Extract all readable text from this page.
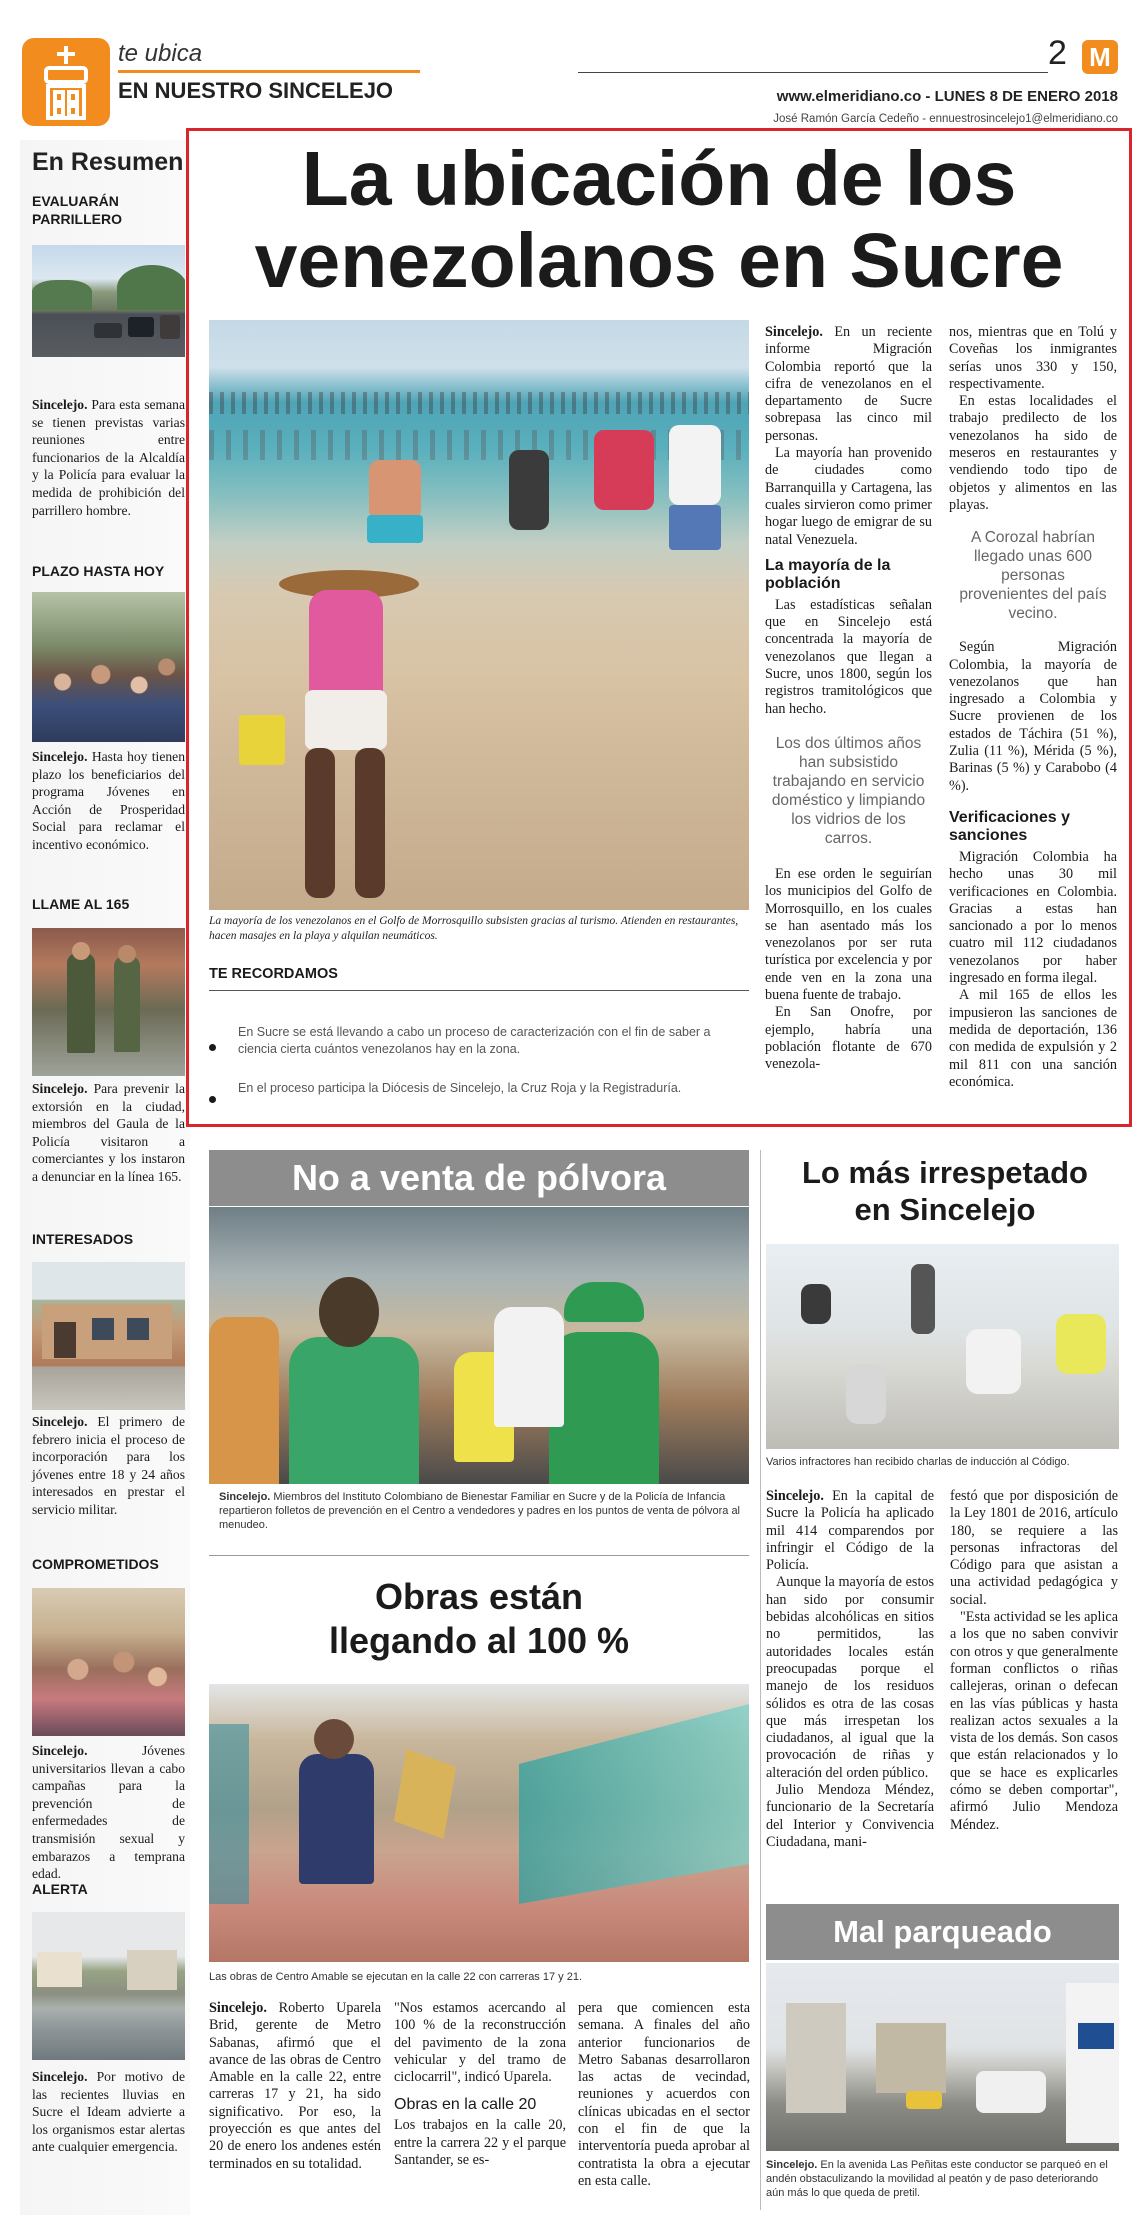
te ubica
EN NUESTRO SINCELEJO
2 M
www.elmeridiano.co - LUNES 8 DE ENERO 2018
José Ramón García Cedeño - ennuestrosincelejo1@elmeridiano.co
En Resumen
EVALUARÁN PARRILLERO
Sincelejo. Para esta semana se tienen previstas varias reuniones entre funcionarios de la Alcaldía y la Policía para evaluar la medida de prohibición del parrillero hombre.
PLAZO HASTA HOY
Sincelejo. Hasta hoy tienen plazo los beneficiarios del programa Jóvenes en Acción de Prosperidad Social para reclamar el incentivo económico.
LLAME AL 165
Sincelejo. Para prevenir la extorsión en la ciudad, miembros del Gaula de la Policía visitaron a comerciantes y los instaron a denunciar en la línea 165.
INTERESADOS
Sincelejo. El primero de febrero inicia el proceso de incorporación para los jóvenes entre 18 y 24 años interesados en prestar el servicio militar.
COMPROMETIDOS
Sincelejo.	Jóvenes universitarios llevan a cabo campañas para la prevención de enfermedades de transmisión sexual y embarazos a temprana edad.
ALERTA
Sincelejo. Por motivo de las recientes lluvias en Sucre el Ideam advierte a los organismos estar alertas ante cualquier emergencia.
La ubicación de los
venezolanos en Sucre
La mayoría de los venezolanos en el Golfo de Morrosquillo subsisten gracias al turismo. Atienden en restaurantes, hacen masajes en la playa y alquilan neumáticos.
TE RECORDAMOS
En Sucre se está llevando a cabo un proceso de caracterización con el fin de saber a ciencia cierta cuántos venezolanos hay en la zona.
En el proceso participa la Diócesis de Sincelejo, la Cruz Roja y la Registraduría.
Sincelejo. En un reciente informe Migración Colombia reportó que la cifra de venezolanos en el departamento de Sucre sobrepasa las cinco mil personas.
La mayoría han provenido de ciudades como Barranquilla y Cartagena, las cuales sirvieron como primer hogar luego de emigrar de su natal Venezuela.
La mayoría de la población
Las estadísticas señalan que en Sincelejo está concentrada la mayoría de venezolanos que llegan a Sucre, unos 1800, según los registros tramitológicos que han hecho.
Los dos últimos años han subsistido trabajando en servicio doméstico y limpiando los vidrios de los carros.
En ese orden le seguirían los municipios del Golfo de Morrosquillo, en los cuales se han asentado más los venezolanos por ser ruta turística por excelencia y por ende ven en la zona una buena fuente de trabajo.
En San Onofre, por ejemplo, habría una población flotante de 670 venezola-
nos, mientras que en Tolú y Coveñas los inmigrantes serías unos 330 y 150, respectivamente.
En estas localidades el trabajo predilecto de los venezolanos ha sido de meseros en restaurantes y vendiendo todo tipo de objetos y alimentos en las playas.
A Corozal habrían llegado unas 600 personas provenientes del país vecino.
Según Migración Colombia, la mayoría de venezolanos que han ingresado a Colombia y Sucre provienen de los estados de Táchira (51 %), Zulia (11 %), Mérida (5 %), Barinas (5 %) y Carabobo (4 %).
Verificaciones y sanciones
Migración Colombia ha hecho unas 30 mil verificaciones en Colombia. Gracias a estas han sancionado a por lo menos cuatro mil 112 ciudadanos venezolanos por haber ingresado en forma ilegal.
A mil 165 de ellos les impusieron las sanciones de medida de deportación, 136 con medida de expulsión y 2 mil 811 con una sanción económica.
No a venta de pólvora
Sincelejo. Miembros del Instituto Colombiano de Bienestar Familiar en Sucre y de la Policía de Infancia repartieron folletos de prevención en el Centro a vendedores y padres en los puntos de venta de pólvora al menudeo.
Obras están
llegando al 100 %
Las obras de Centro Amable se ejecutan en la calle 22 con carreras 17 y 21.
Sincelejo. Roberto Uparela Brid, gerente de Metro Sabanas, afirmó que el avance de las obras de Centro Amable en la calle 22, entre carreras 17 y 21, ha sido significativo. Por eso, la proyección es que antes del 20 de enero los andenes estén terminados en su totalidad.
"Nos estamos acercando al 100 % de la reconstrucción del pavimento de la zona vehicular y del tramo de ciclocarril", indicó Uparela.
Obras en la calle 20
Los trabajos en la calle 20, entre la carrera 22 y el parque Santander, se es-
pera que comiencen esta semana. A finales del año anterior funcionarios de Metro Sabanas desarrollaron las actas de vecindad, reuniones y acuerdos con clínicas ubicadas en el sector con el fin de que la interventoría pueda aprobar al contratista la obra a ejecutar en esta calle.
Lo más irrespetado
en Sincelejo
Varios infractores han recibido charlas de inducción al Código.
Sincelejo. En la capital de Sucre la Policía ha aplicado mil 414 comparendos por infringir el Código de la Policía.
Aunque la mayoría de estos han sido por consumir bebidas alcohólicas en sitios no permitidos, las autoridades locales están preocupadas porque el manejo de los residuos sólidos es otra de las cosas que más irrespetan los ciudadanos, al igual que la provocación de riñas y alteración del orden público.
Julio Mendoza Méndez, funcionario de la Secretaría del Interior y Convivencia Ciudadana, mani-
festó que por disposición de la Ley 1801 de 2016, artículo 180, se requiere a las personas infractoras del Código para que asistan a una actividad pedagógica y social.
"Esta actividad se les aplica a los que no saben convivir con otros y que generalmente forman conflictos o riñas callejeras, orinan o defecan en las vías públicas y hasta realizan actos sexuales a la vista de los demás. Son casos que están relacionados y lo que se hace es explicarles cómo se deben comportar", afirmó Julio Mendoza Méndez.
Mal parqueado
Sincelejo. En la avenida Las Peñitas este conductor se parqueó en el andén obstaculizando la movilidad al peatón y de paso deteriorando aún más lo que queda de pretil.
